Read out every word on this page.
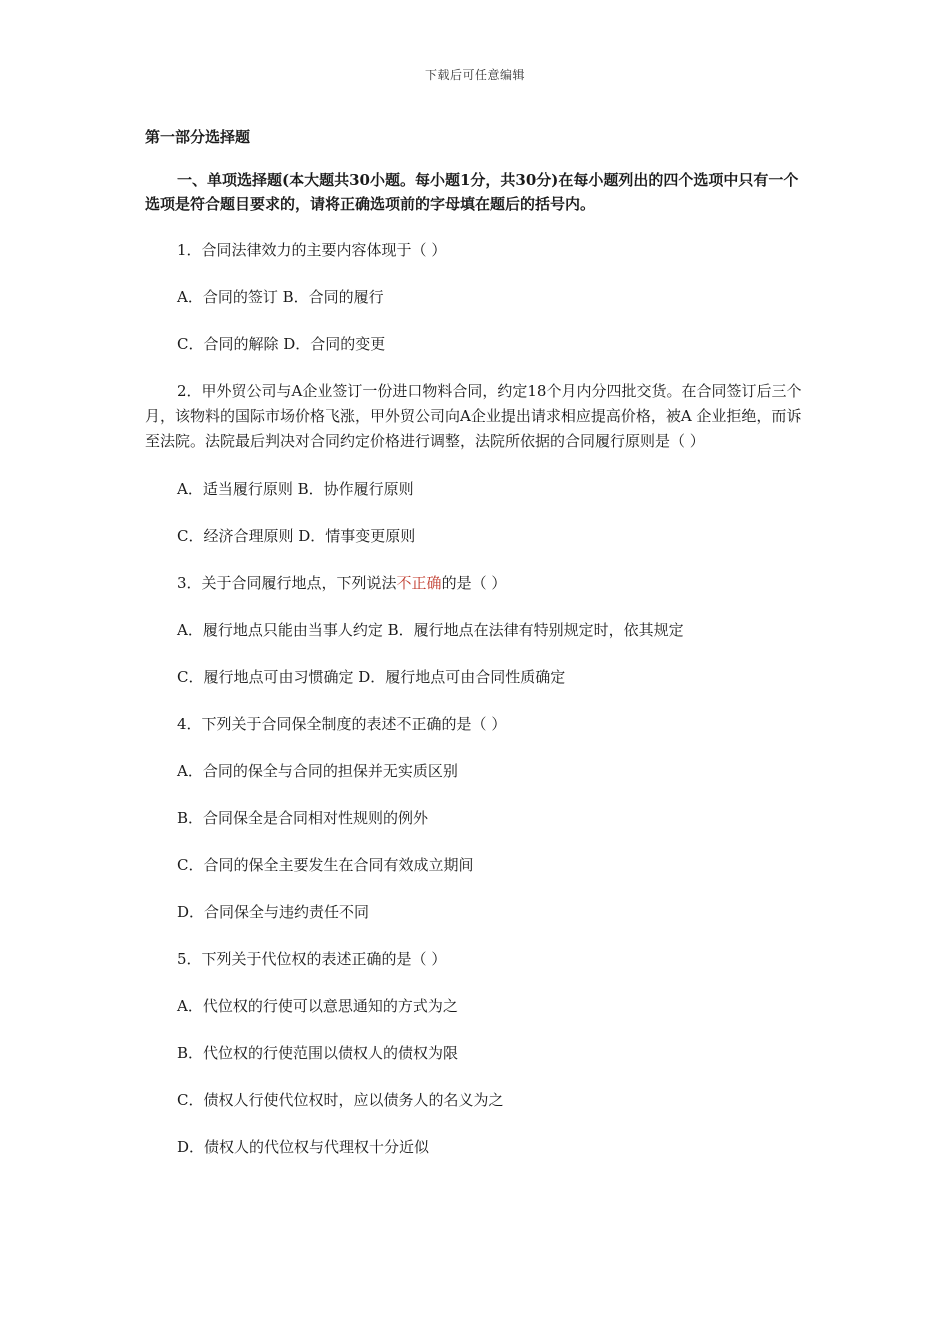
下载后可任意编辑

第一部分选择题

一、单项选择题(本大题共30小题。每小题1分，共30分)在每小题列出的四个选项中只有一个选项是符合题目要求的，请将正确选项前的字母填在题后的括号内。

1．合同法律效力的主要内容体现于（ ）

A．合同的签订 B．合同的履行

C．合同的解除 D．合同的变更

2．甲外贸公司与A企业签订一份进口物料合同，约定18个月内分四批交货。在合同签订后三个月，该物料的国际市场价格飞涨，甲外贸公司向A企业提出请求相应提高价格，被A 企业拒绝，而诉至法院。法院最后判决对合同约定价格进行调整，法院所依据的合同履行原则是（ ）

A．适当履行原则 B．协作履行原则

C．经济合理原则 D．情事变更原则

3．关于合同履行地点，下列说法不正确的是（ ）

A．履行地点只能由当事人约定 B．履行地点在法律有特别规定时，依其规定

C．履行地点可由习惯确定 D．履行地点可由合同性质确定

4．下列关于合同保全制度的表述不正确的是（ ）

A．合同的保全与合同的担保并无实质区别

B．合同保全是合同相对性规则的例外

C．合同的保全主要发生在合同有效成立期间

D．合同保全与违约责任不同

5．下列关于代位权的表述正确的是（ ）

A．代位权的行使可以意思通知的方式为之

B．代位权的行使范围以债权人的债权为限

C．债权人行使代位权时，应以债务人的名义为之

D．债权人的代位权与代理权十分近似
